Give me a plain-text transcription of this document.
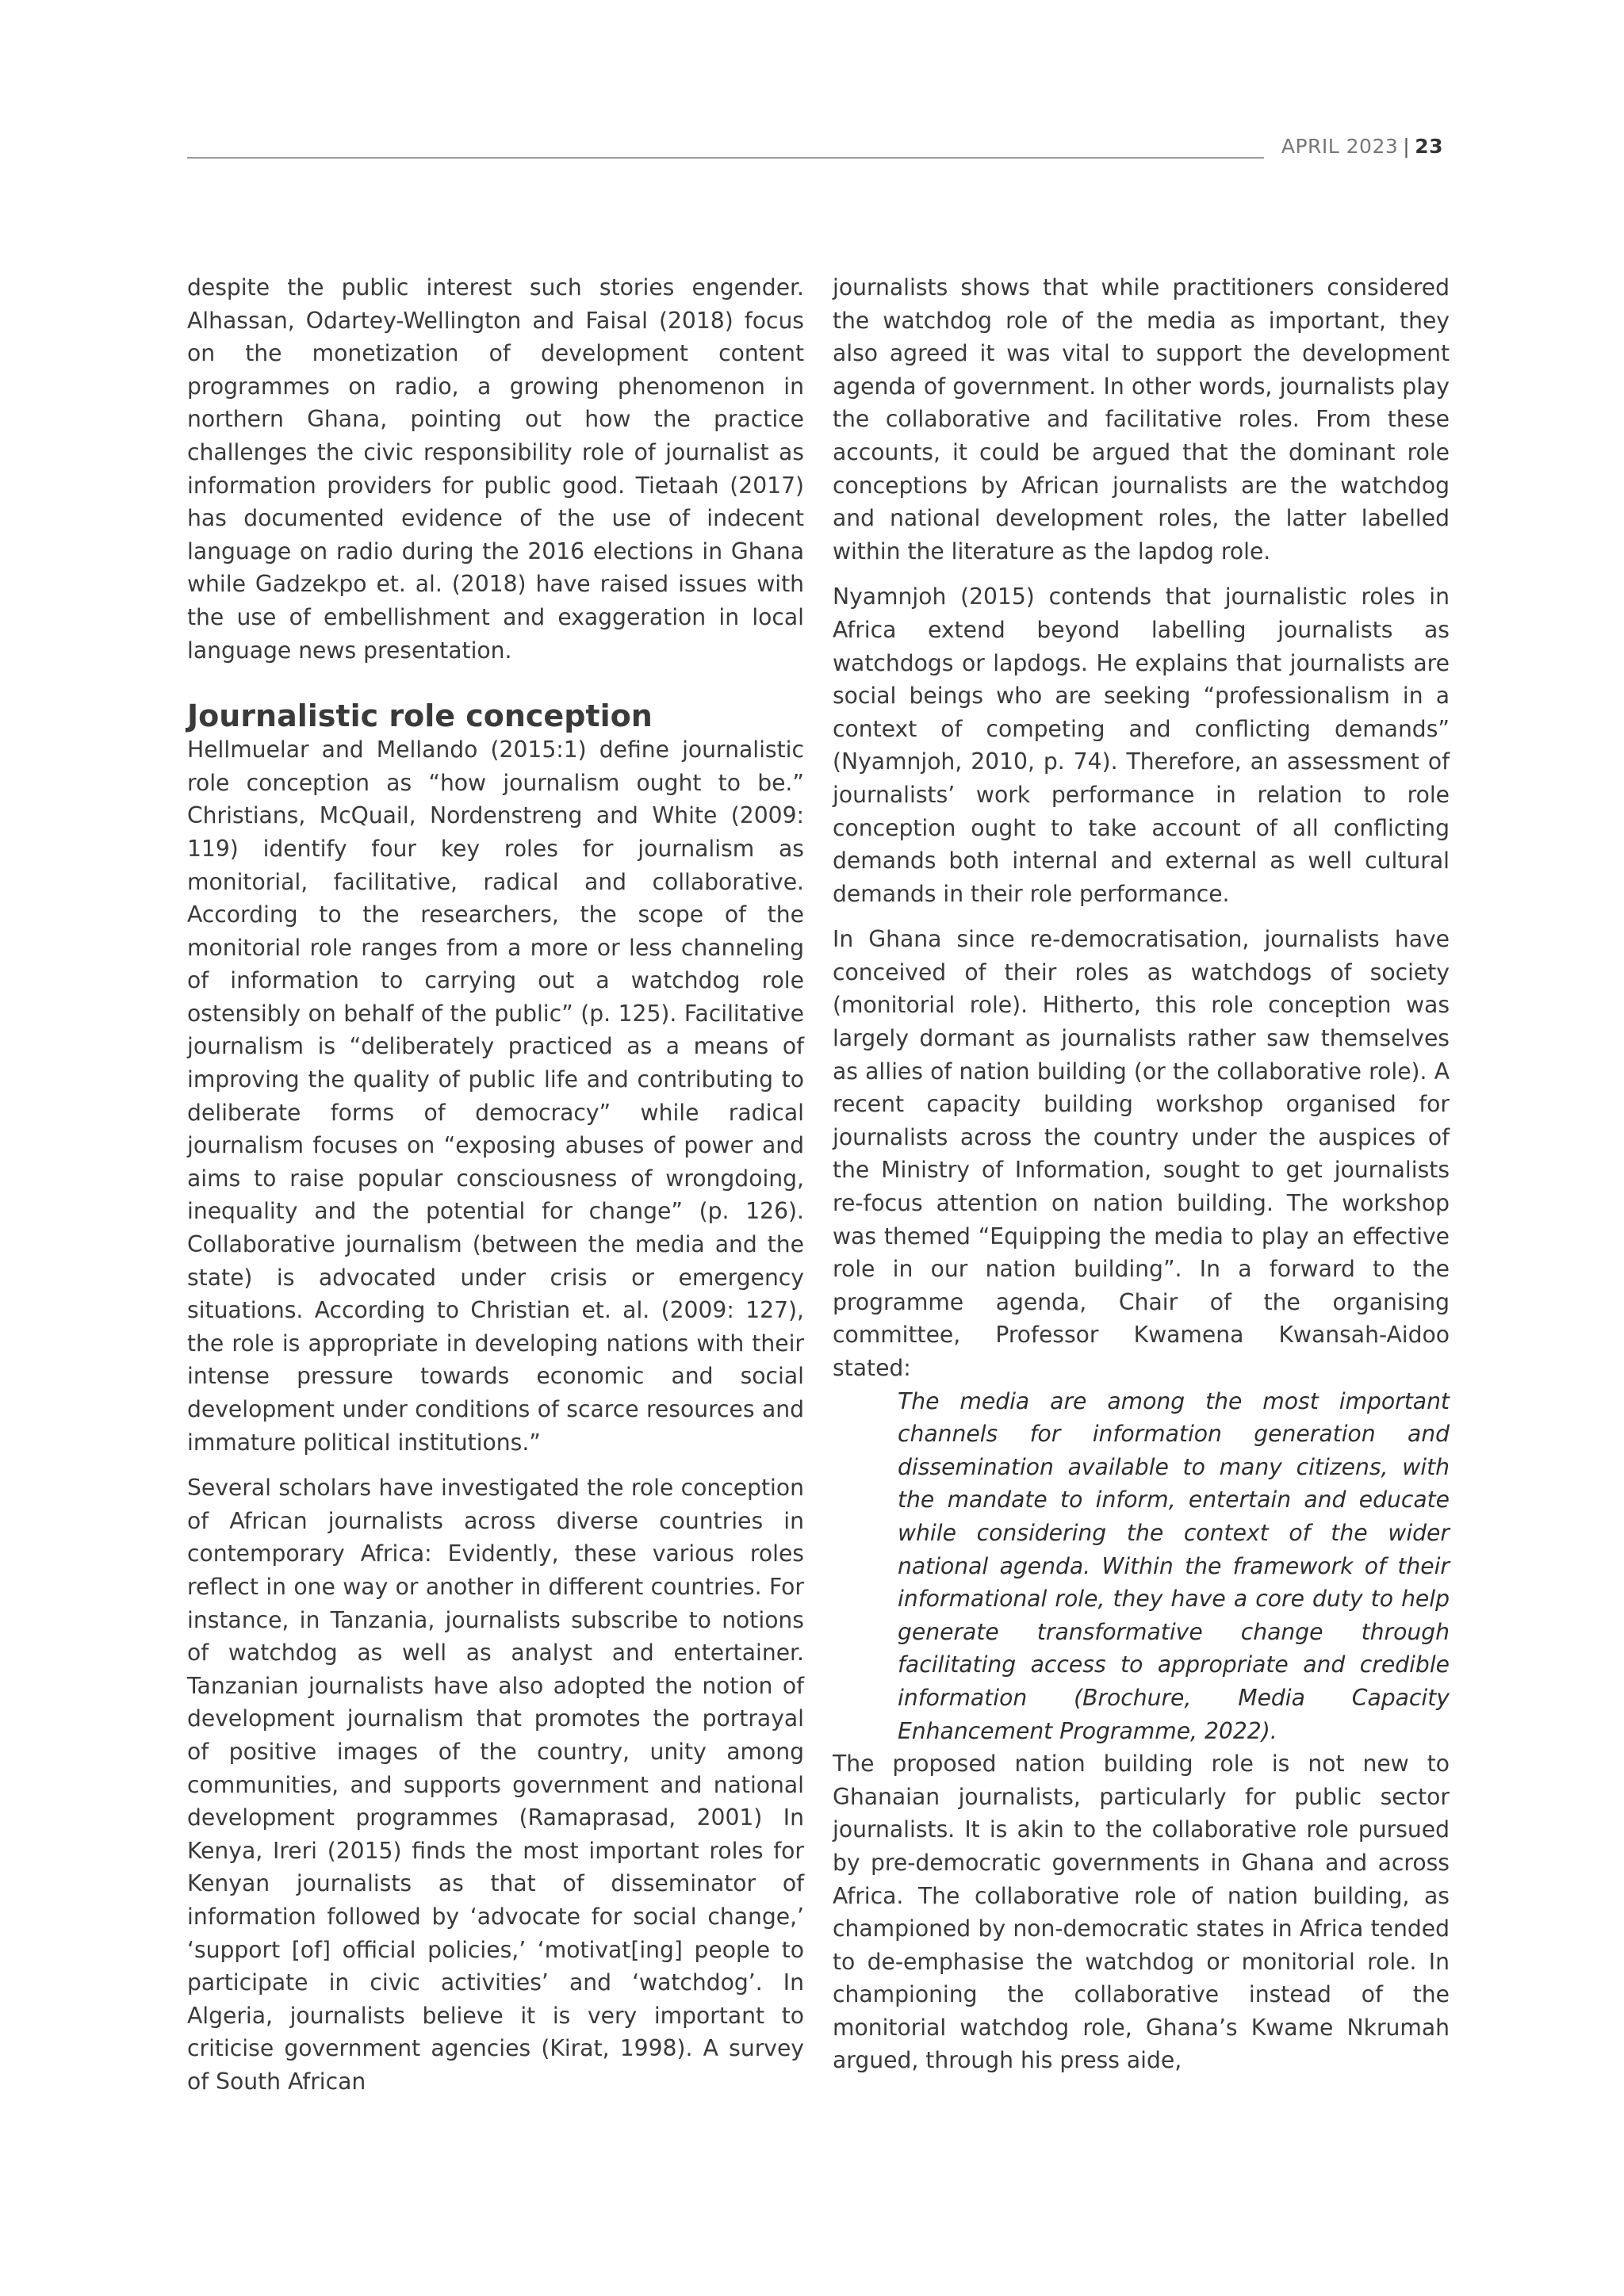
APRIL 2023 | 23

despite the public interest such stories engender. Alhassan, Odartey-Wellington and Faisal (2018) focus on the monetization of development content programmes on radio, a growing phenomenon in northern Ghana, pointing out how the practice challenges the civic responsibility role of journalist as information providers for public good. Tietaah (2017) has documented evidence of the use of indecent language on radio during the 2016 elections in Ghana while Gadzekpo et. al. (2018) have raised issues with the use of embellishment and exaggeration in local language news presentation.

Journalistic role conception

Hellmuelar and Mellando (2015:1) define journalistic role conception as “how journalism ought to be.” Christians, McQuail, Nordenstreng and White (2009: 119) identify four key roles for journalism as monitorial, facilitative, radical and collaborative. According to the researchers, the scope of the monitorial role ranges from a more or less channeling of information to carrying out a watchdog role ostensibly on behalf of the public” (p. 125). Facilitative journalism is “deliberately practiced as a means of improving the quality of public life and contributing to deliberate forms of democracy” while radical journalism focuses on “exposing abuses of power and aims to raise popular consciousness of wrongdoing, inequality and the potential for change” (p. 126). Collaborative journalism (between the media and the state) is advocated under crisis or emergency situations. According to Christian et. al. (2009: 127), the role is appropriate in developing nations with their intense pressure towards economic and social development under conditions of scarce resources and immature political institutions.”

Several scholars have investigated the role conception of African journalists across diverse countries in contemporary Africa: Evidently, these various roles reflect in one way or another in different countries. For instance, in Tanzania, journalists subscribe to notions of watchdog as well as analyst and entertainer. Tanzanian journalists have also adopted the notion of development journalism that promotes the portrayal of positive images of the country, unity among communities, and supports government and national development programmes (Ramaprasad, 2001) In Kenya, Ireri (2015) finds the most important roles for Kenyan journalists as that of disseminator of information followed by ‘advocate for social change,’ ‘support [of] official policies,’ ‘motivat[ing] people to participate in civic activities’ and ‘watchdog’. In Algeria, journalists believe it is very important to criticise government agencies (Kirat, 1998). A survey of South African

journalists shows that while practitioners considered the watchdog role of the media as important, they also agreed it was vital to support the development agenda of government. In other words, journalists play the collaborative and facilitative roles. From these accounts, it could be argued that the dominant role conceptions by African journalists are the watchdog and national development roles, the latter labelled within the literature as the lapdog role.

Nyamnjoh (2015) contends that journalistic roles in Africa extend beyond labelling journalists as watchdogs or lapdogs. He explains that journalists are social beings who are seeking “professionalism in a context of competing and conflicting demands” (Nyamnjoh, 2010, p. 74). Therefore, an assessment of journalists’ work performance in relation to role conception ought to take account of all conflicting demands both internal and external as well cultural demands in their role performance.

In Ghana since re-democratisation, journalists have conceived of their roles as watchdogs of society (monitorial role). Hitherto, this role conception was largely dormant as journalists rather saw themselves as allies of nation building (or the collaborative role). A recent capacity building workshop organised for journalists across the country under the auspices of the Ministry of Information, sought to get journalists re-focus attention on nation building. The workshop was themed “Equipping the media to play an effective role in our nation building”. In a forward to the programme agenda, Chair of the organising committee, Professor Kwamena Kwansah-Aidoo stated:

The media are among the most important channels for information generation and dissemination available to many citizens, with the mandate to inform, entertain and educate while considering the context of the wider national agenda. Within the framework of their informational role, they have a core duty to help generate transformative change through facilitating access to appropriate and credible information (Brochure, Media Capacity Enhancement Programme, 2022).

The proposed nation building role is not new to Ghanaian journalists, particularly for public sector journalists. It is akin to the collaborative role pursued by pre-democratic governments in Ghana and across Africa. The collaborative role of nation building, as championed by non-democratic states in Africa tended to de-emphasise the watchdog or monitorial role. In championing the collaborative instead of the monitorial watchdog role, Ghana’s Kwame Nkrumah argued, through his press aide,
